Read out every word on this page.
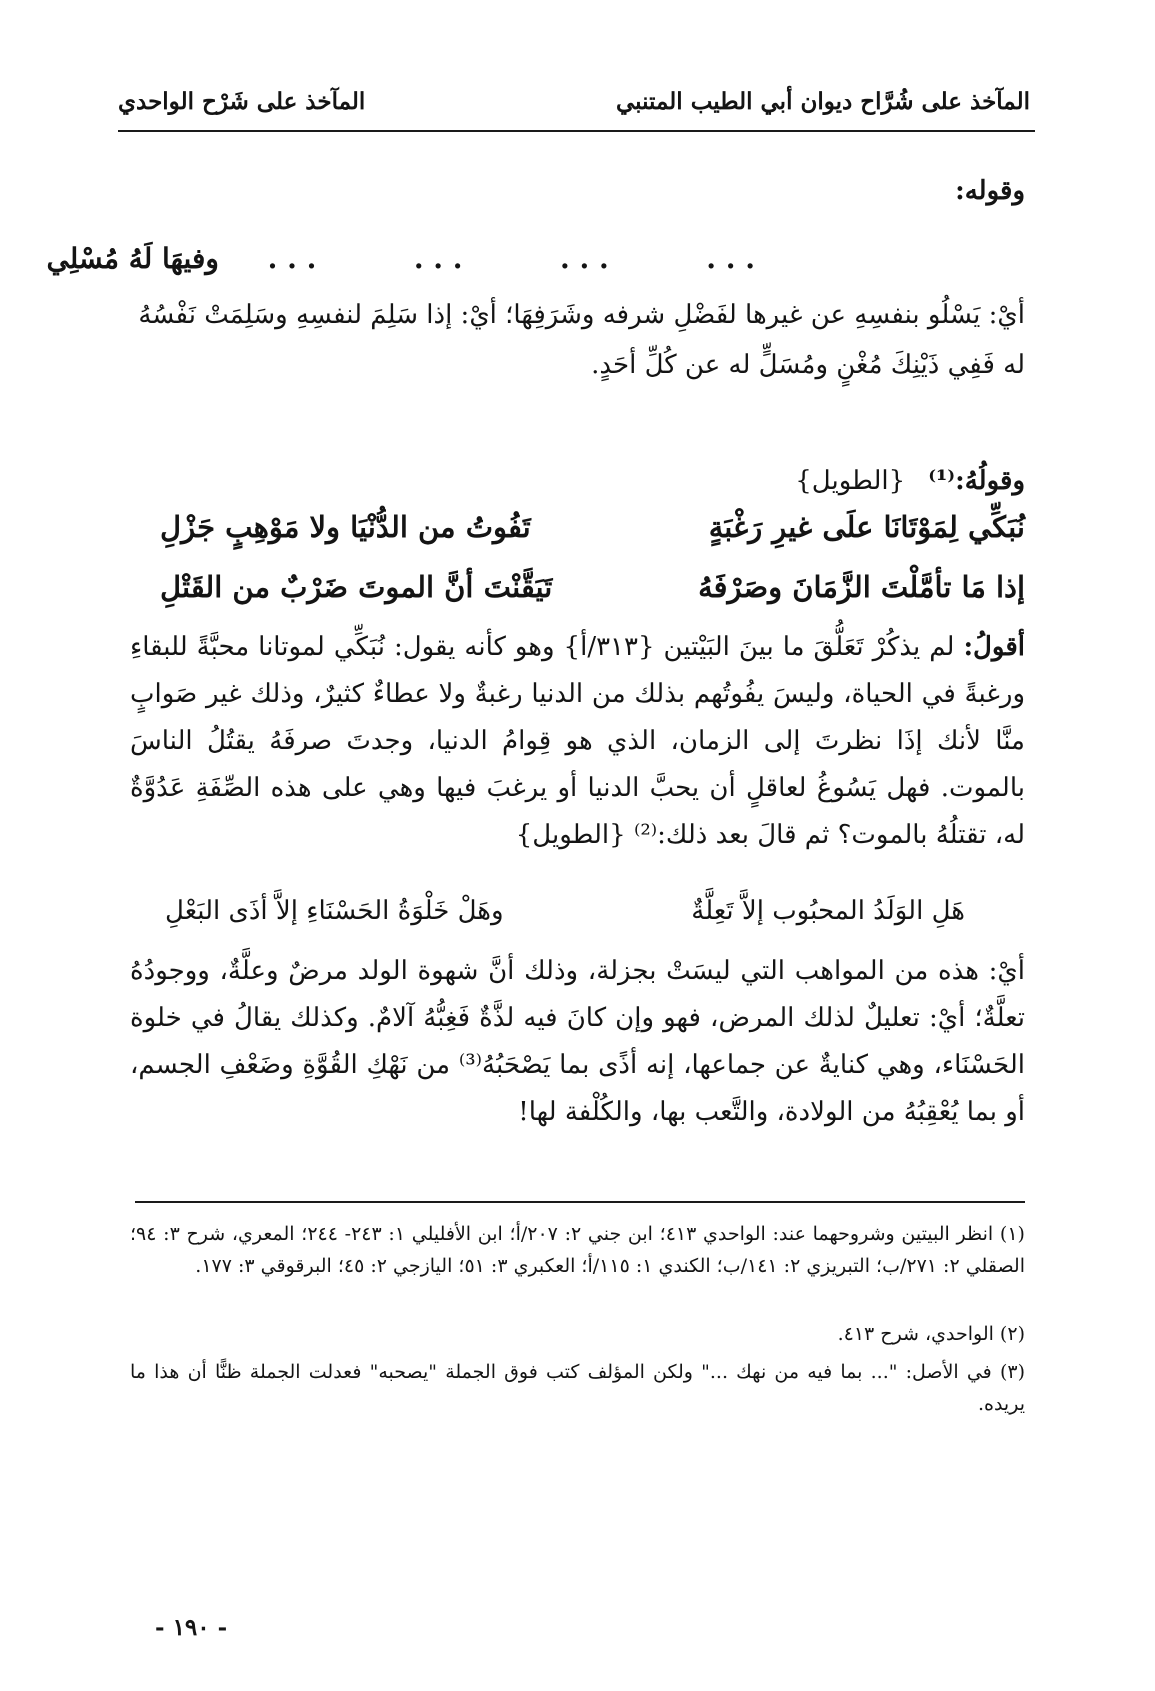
المآخذ على شُرَّاح ديوان أبي الطيب المتنبي
المآخذ على شَرْح الواحدي
وقوله:
. . .          . . .          . . .          . . .     وفيهَا لَهُ مُسْلِي
أيْ: يَسْلُو بنفسِهِ عن غيرها لفَضْلِ شرفه وشَرَفِهَا؛ أيْ: إذا سَلِمَ لنفسِهِ وسَلِمَتْ نَفْسُهُ
له فَفِي ذَيْنِكَ مُغْنٍ ومُسَلٍّ له عن كُلِّ أحَدٍ.
وقولُهُ:⁽¹⁾ {الطويل}
نُبَكِّي لِمَوْتَانَا علَى غيرِ رَغْبَةٍ
تَفُوتُ من الدُّنْيَا ولا مَوْهِبٍ جَزْلِ
إذا مَا تأمَّلْتَ الزَّمَانَ وصَرْفَهُ
تَيَقَّنْتَ أنَّ الموتَ ضَرْبٌ من القَتْلِ
أقولُ: لم يذكُرْ تَعَلُّقَ ما بينَ البَيْتين {٣١٣/أ} وهو كأنه يقول: نُبَكِّي لموتانا محبَّةً للبقاءِ ورغبةً في الحياة، وليسَ يفُوتُهم بذلك من الدنيا رغبةٌ ولا عطاءٌ كثيرٌ، وذلك غير صَوابٍ منَّا لأنك إذَا نظرتَ إلى الزمان، الذي هو قِوامُ الدنيا، وجدتَ صرفَهُ يقتُلُ الناسَ بالموت. فهل يَسُوغُ لعاقلٍ أن يحبَّ الدنيا أو يرغبَ فيها وهي على هذه الصِّفَةِ عَدُوَّةٌ له، تقتلُهُ بالموت؟ ثم قالَ بعد ذلك:⁽²⁾ {الطويل}
هَلِ الوَلَدُ المحبُوب إلاَّ تَعِلَّةٌ
وهَلْ خَلْوَةُ الحَسْنَاءِ إلاَّ أذَى البَعْلِ
أيْ: هذه من المواهب التي ليسَتْ بجزلة، وذلك أنَّ شهوة الولد مرضٌ وعلَّةٌ، ووجودُهُ تعلَّةٌ؛ أيْ: تعليلٌ لذلك المرض، فهو وإن كانَ فيه لذَّةٌ فَغِبُّهُ آلامٌ. وكذلك يقالُ في خلوة الحَسْنَاء، وهي كنايةٌ عن جماعها، إنه أذًى بما يَصْحَبُهُ⁽³⁾ من نَهْكِ القُوَّةِ وضَعْفِ الجسم، أو بما يُعْقِبُهُ من الولادة، والتَّعب بها، والكُلْفة لها!
(١) انظر البيتين وشروحهما عند: الواحدي ٤١٣؛ ابن جني ٢: ٢٠٧/أ؛ ابن الأفليلي ١: ٢٤٣- ٢٤٤؛ المعري، شرح ٣: ٩٤؛ الصقلي ٢: ٢٧١/ب؛ التبريزي ٢: ١٤١/ب؛ الكندي ١: ١١٥/أ؛ العكبري ٣: ٥١؛ اليازجي ٢: ٤٥؛ البرقوقي ٣: ١٧٧.
(٢) الواحدي، شرح ٤١٣.
(٣) في الأصل: "... بما فيه من نهك ..." ولكن المؤلف كتب فوق الجملة "يصحبه" فعدلت الجملة ظنًّا أن هذا ما يريده.
- ١٩٠ -
